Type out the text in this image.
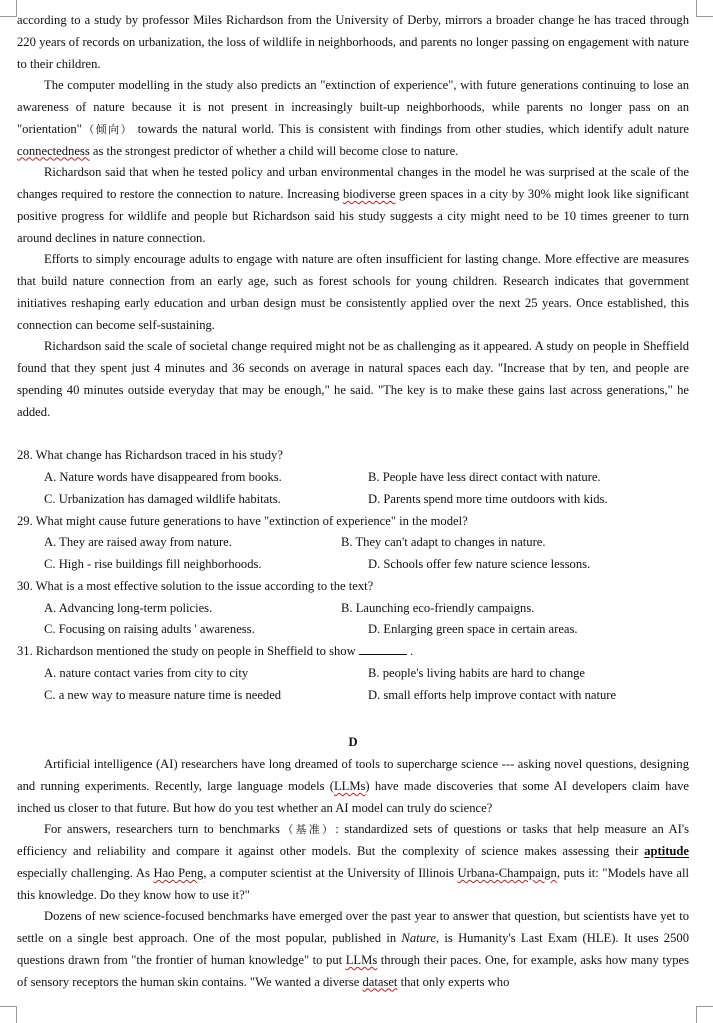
according to a study by professor Miles Richardson from the University of Derby, mirrors a broader change he has traced through 220 years of records on urbanization, the loss of wildlife in neighborhoods, and parents no longer passing on engagement with nature to their children.

The computer modelling in the study also predicts an "extinction of experience", with future generations continuing to lose an awareness of nature because it is not present in increasingly built-up neighborhoods, while parents no longer pass on an "orientation"（倾向） towards the natural world. This is consistent with findings from other studies, which identify adult nature connectedness as the strongest predictor of whether a child will become close to nature.

Richardson said that when he tested policy and urban environmental changes in the model he was surprised at the scale of the changes required to restore the connection to nature. Increasing biodiverse green spaces in a city by 30% might look like significant positive progress for wildlife and people but Richardson said his study suggests a city might need to be 10 times greener to turn around declines in nature connection.

Efforts to simply encourage adults to engage with nature are often insufficient for lasting change. More effective are measures that build nature connection from an early age, such as forest schools for young children. Research indicates that government initiatives reshaping early education and urban design must be consistently applied over the next 25 years. Once established, this connection can become self-sustaining.

Richardson said the scale of societal change required might not be as challenging as it appeared. A study on people in Sheffield found that they spent just 4 minutes and 36 seconds on average in natural spaces each day. "Increase that by ten, and people are spending 40 minutes outside everyday that may be enough," he said. "The key is to make these gains last across generations," he added.

28. What change has Richardson traced in his study?

A. Nature words have disappeared from books.	B. People have less direct contact with nature.
C. Urbanization has damaged wildlife habitats.	D. Parents spend more time outdoors with kids.

29. What might cause future generations to have "extinction of experience" in the model?

A. They are raised away from nature.	B. They can't adapt to changes in nature.
C. High - rise buildings fill neighborhoods.	D. Schools offer few nature science lessons.

30. What is a most effective solution to the issue according to the text?

A. Advancing long-term policies.	B. Launching eco-friendly campaigns.
C. Focusing on raising adults ' awareness.	D. Enlarging green space in certain areas.

31. Richardson mentioned the study on people in Sheffield to show	.

A. nature contact varies from city to city	B. people's living habits are hard to change
C. a new way to measure nature time is needed	D. small efforts help improve contact with nature

D

Artificial intelligence (AI) researchers have long dreamed of tools to supercharge science --- asking novel questions, designing and running experiments. Recently, large language models (LLMs) have made discoveries that some AI developers claim have inched us closer to that future. But how do you test whether an AI model can truly do science?

For answers, researchers turn to benchmarks（基准）: standardized sets of questions or tasks that help measure an AI's efficiency and reliability and compare it against other models. But the complexity of science makes assessing their aptitude especially challenging. As Hao Peng, a computer scientist at the University of Illinois Urbana-Champaign, puts it: "Models have all this knowledge. Do they know how to use it?"

Dozens of new science-focused benchmarks have emerged over the past year to answer that question, but scientists have yet to settle on a single best approach. One of the most popular, published in Nature, is Humanity's Last Exam (HLE). It uses 2500 questions drawn from "the frontier of human knowledge" to put LLMs through their paces. One, for example, asks how many types of sensory receptors the human skin contains. "We wanted a diverse dataset that only experts who
